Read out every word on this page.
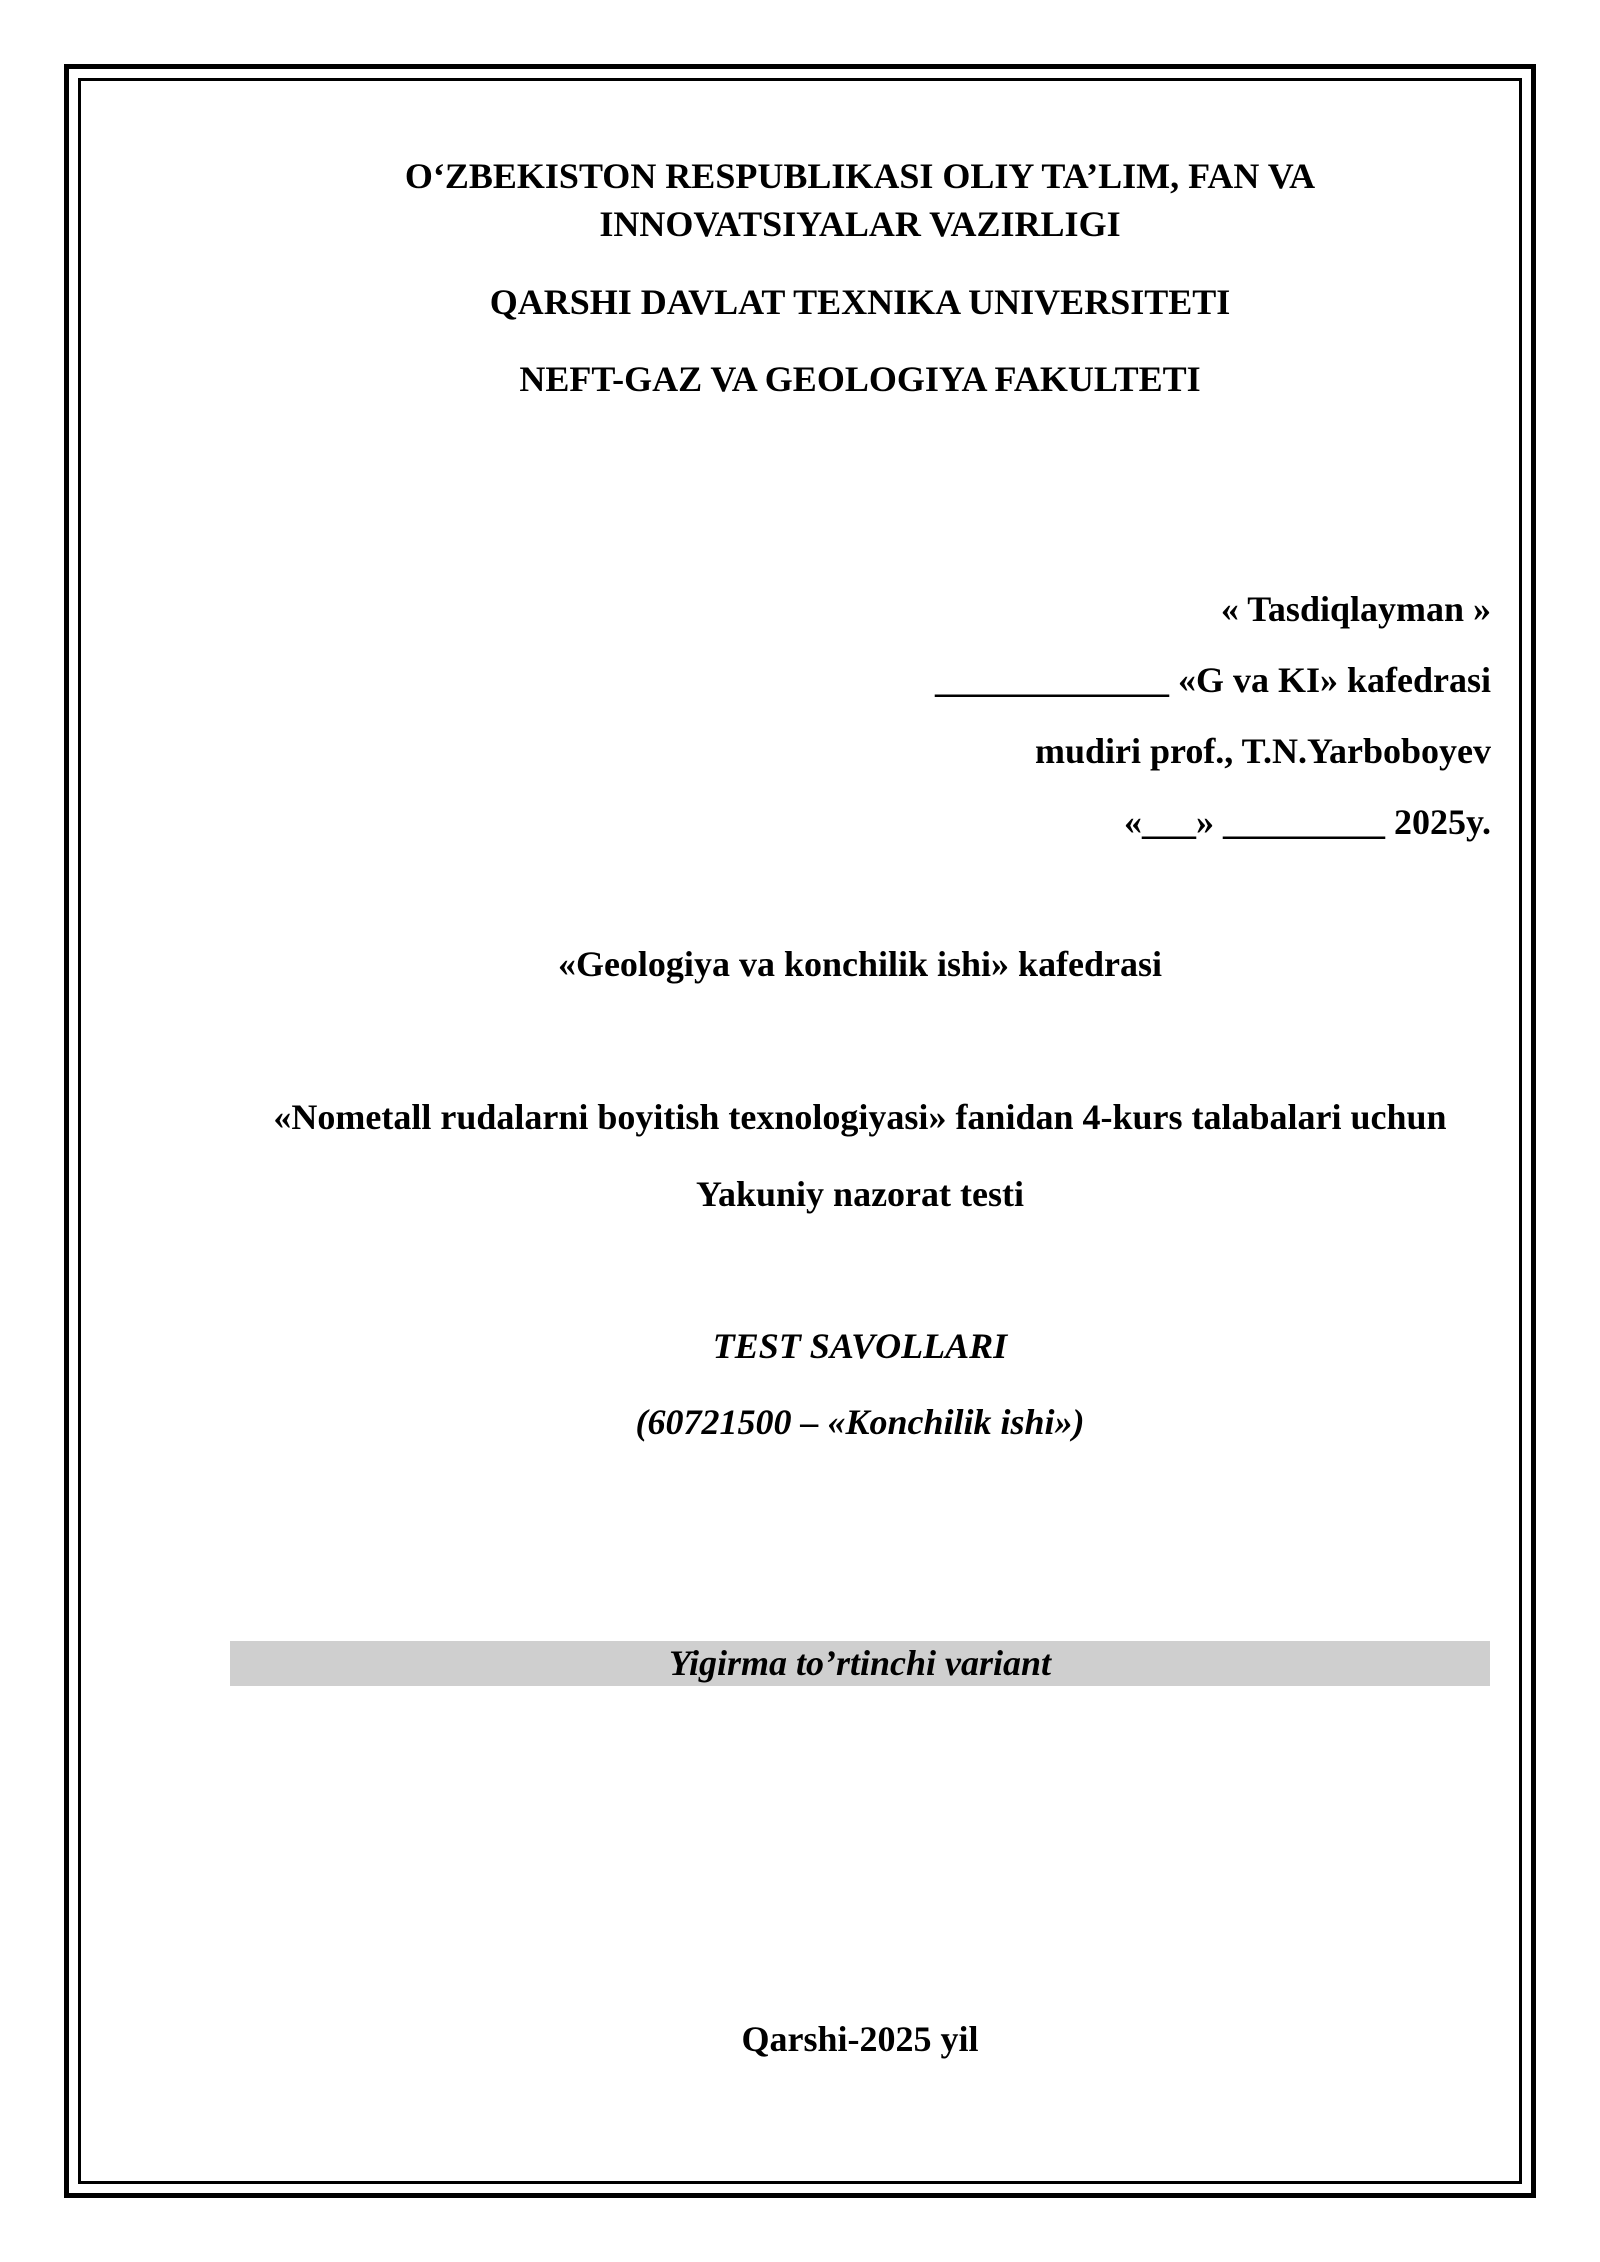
O‘ZBEKISTON RESPUBLIKASI OLIY TA’LIM, FAN VA
INNOVATSIYALAR VAZIRLIGI
QARSHI DAVLAT TEXNIKA UNIVERSITETI
NEFT-GAZ VA GEOLOGIYA FAKULTETI
« Tasdiqlayman »
_____________ «G va KI» kafedrasi
mudiri prof., T.N.Yarboboyev
«___» _________ 2025y.
«Geologiya va konchilik ishi» kafedrasi
«Nometall rudalarni boyitish texnologiyasi» fanidan 4-kurs talabalari uchun
Yakuniy nazorat testi
TEST SAVOLLARI
(60721500 – «Konchilik ishi»)
Yigirma to’rtinchi variant
Qarshi-2025 yil
